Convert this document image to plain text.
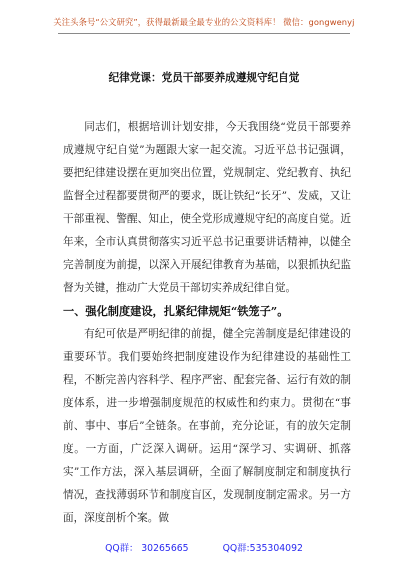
关注头条号“公文研究”，获得最新最全最专业的公文资料库！ 微信：gongwenyj
纪律党课：党员干部要养成遵规守纪自觉

同志们，根据培训计划安排，今天我围绕“党员干部要养成遵规守纪自觉”为题跟大家一起交流。习近平总书记强调，要把纪律建设摆在更加突出位置，党规制定、党纪教育、执纪监督全过程都要贯彻严的要求，既让铁纪“长牙”、发威，又让干部重视、警醒、知止，使全党形成遵规守纪的高度自觉。近年来，全市认真贯彻落实习近平总书记重要讲话精神，以健全完善制度为前提，以深入开展纪律教育为基础，以狠抓执纪监督为关键，推动广大党员干部切实养成纪律自觉。

一、强化制度建设，扎紧纪律规矩“铁笼子”。

有纪可依是严明纪律的前提，健全完善制度是纪律建设的重要环节。我们要始终把制度建设作为纪律建设的基础性工程，不断完善内容科学、程序严密、配套完备、运行有效的制度体系，进一步增强制度规范的权威性和约束力。贯彻在“事前、事中、事后”全链条。在事前，充分论证，有的放矢定制度。一方面，广泛深入调研。运用“深学习、实调研、抓落实”工作方法，深入基层调研，全面了解制度制定和制度执行情况，查找薄弱环节和制度盲区，发现制度制定需求。另一方面，深度剖析个案。做

QQ群： 30265665	QQ群:535304092
